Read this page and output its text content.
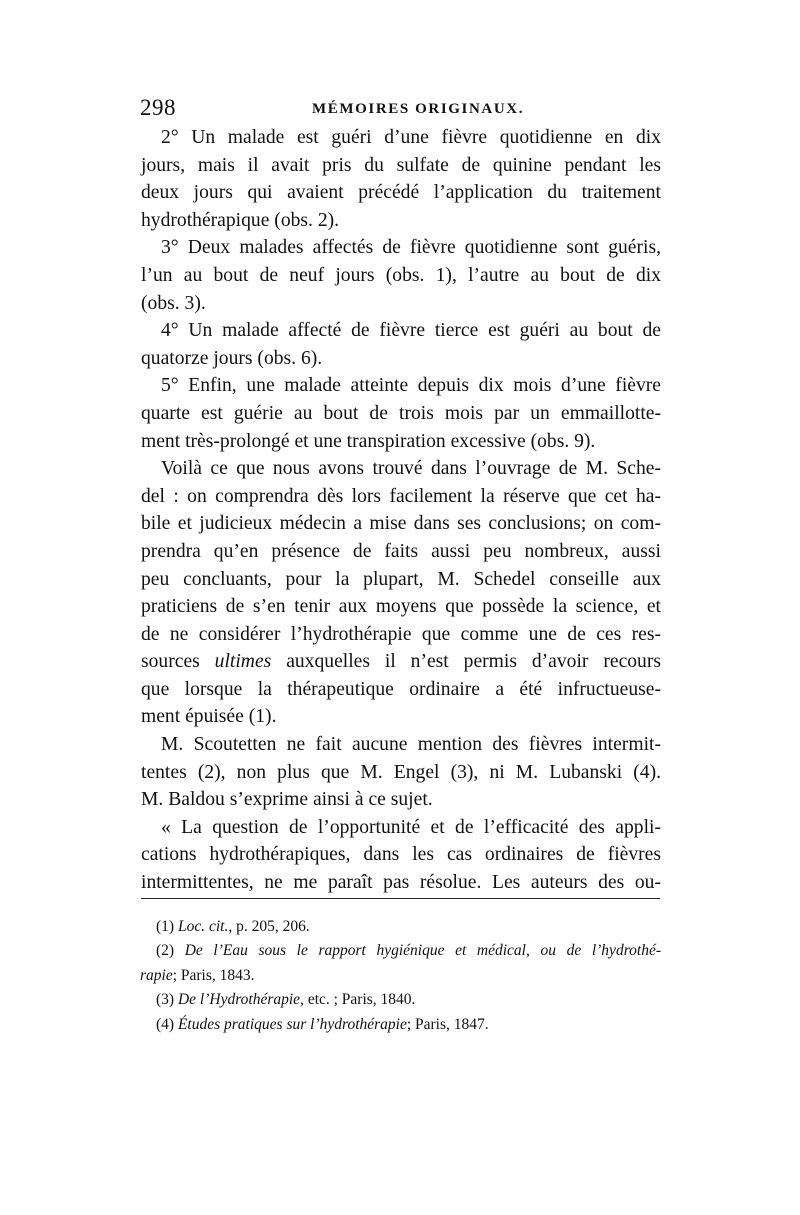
298	MÉMOIRES ORIGINAUX.
2° Un malade est guéri d’une fièvre quotidienne en dix
jours, mais il avait pris du sulfate de quinine pendant les
deux jours qui avaient précédé l’application du traitement
hydrothérapique (obs. 2).
3° Deux malades affectés de fièvre quotidienne sont guéris,
l’un au bout de neuf jours (obs. 1), l’autre au bout de dix
(obs. 3).
4° Un malade affecté de fièvre tierce est guéri au bout de
quatorze jours (obs. 6).
5° Enfin, une malade atteinte depuis dix mois d’une fièvre
quarte est guérie au bout de trois mois par un emmaillotte-
ment très-prolongé et une transpiration excessive (obs. 9).
Voilà ce que nous avons trouvé dans l’ouvrage de M. Sche-
del : on comprendra dès lors facilement la réserve que cet ha-
bile et judicieux médecin a mise dans ses conclusions; on com-
prendra qu’en présence de faits aussi peu nombreux, aussi
peu concluants, pour la plupart, M. Schedel conseille aux
praticiens de s’en tenir aux moyens que possède la science, et
de ne considérer l’hydrothérapie que comme une de ces res-
sources ultimes auxquelles il n’est permis d’avoir recours
que lorsque la thérapeutique ordinaire a été infructueuse-
ment épuisée (1).
M. Scoutetten ne fait aucune mention des fièvres intermit-
tentes (2), non plus que M. Engel (3), ni M. Lubanski (4).
M. Baldou s’exprime ainsi à ce sujet.
« La question de l’opportunité et de l’efficacité des appli-
cations hydrothérapiques, dans les cas ordinaires de fièvres
intermittentes, ne me paraît pas résolue. Les auteurs des ou-
(1) Loc. cit., p. 205, 206.
(2) De l’Eau sous le rapport hygiénique et médical, ou de l’hydrothé-
rapie; Paris, 1843.
(3) De l’Hydrothérapie, etc. ; Paris, 1840.
(4) Études pratiques sur l’hydrothérapie; Paris, 1847.
